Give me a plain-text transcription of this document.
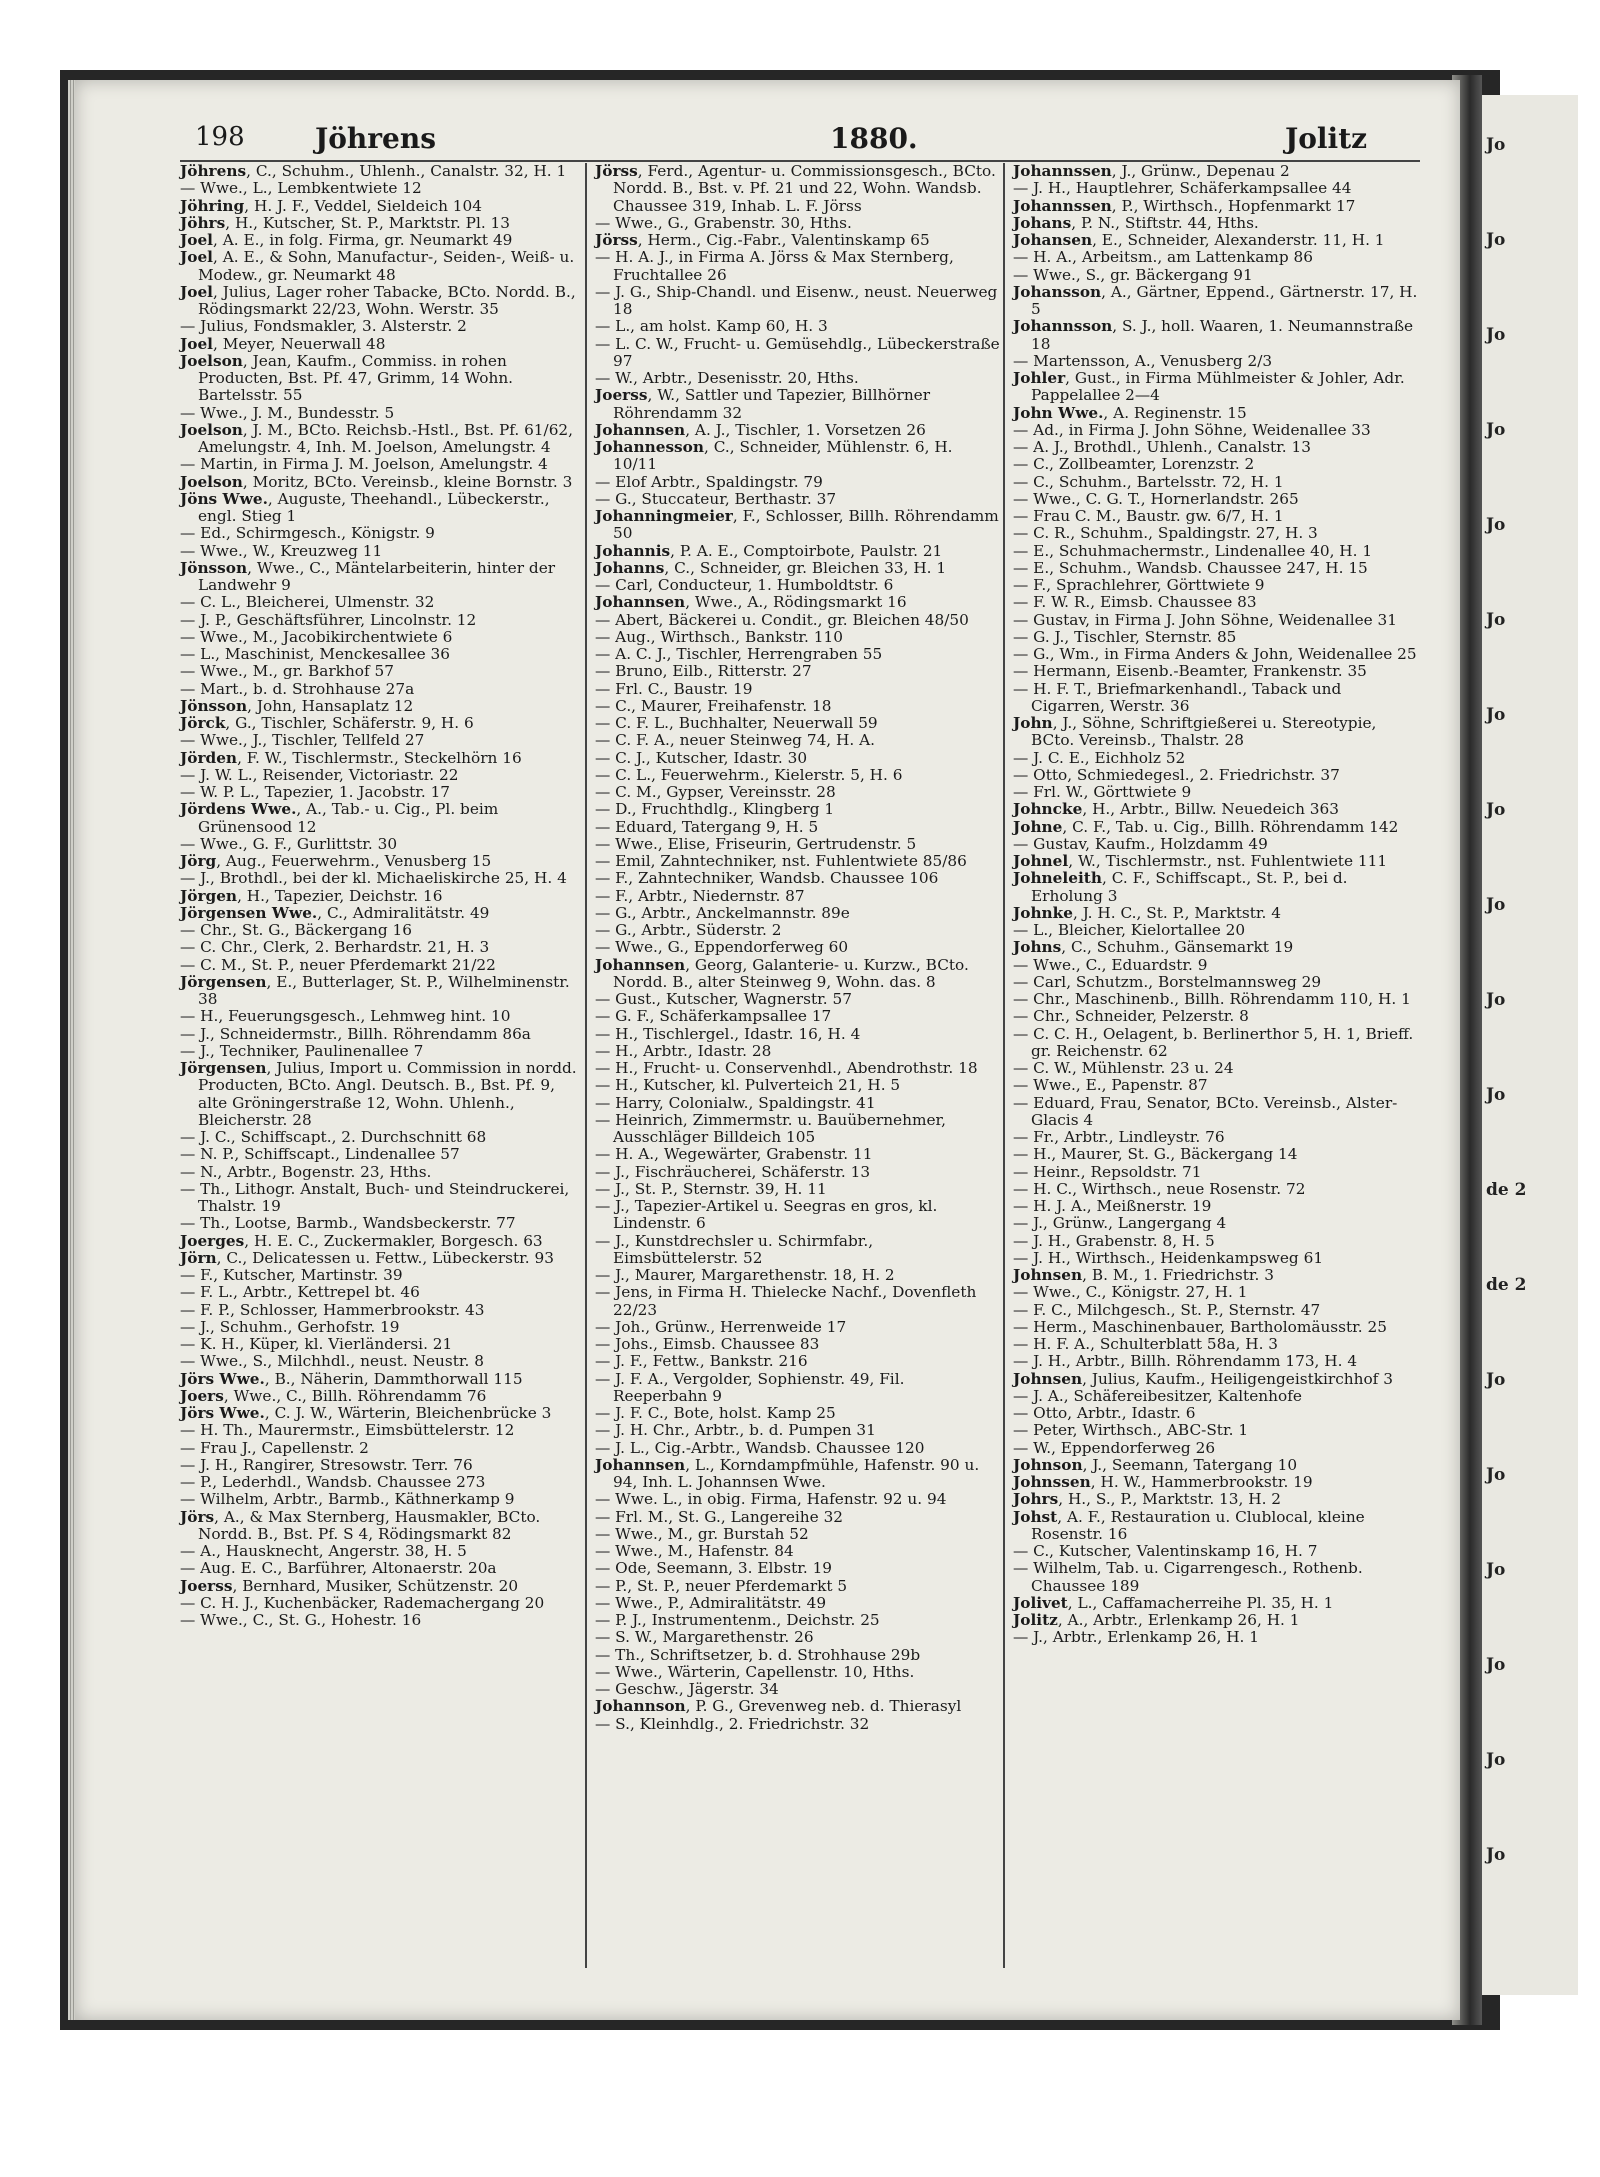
Jo
Jo
Jo
Jo
Jo
Jo
Jo
Jo
Jo
Jo
Jo
de 2
de 2
Jo
Jo
Jo
Jo
Jo
Jo
198	Jöhrens	1880.	Jolitz
Jöhrens, C., Schuhm., Uhlenh., Canalstr. 32, H. 1
— Wwe., L., Lembkentwiete 12
Jöhring, H. J. F., Veddel, Sieldeich 104
Jöhrs, H., Kutscher, St. P., Marktstr. Pl. 13
Joel, A. E., in folg. Firma, gr. Neumarkt 49
Joel, A. E., & Sohn, Manufactur-, Seiden-, Weiß- u. Modew., gr. Neumarkt 48
Joel, Julius, Lager roher Tabacke, BCto. Nordd. B., Rödingsmarkt 22/23, Wohn. Werstr. 35
— Julius, Fondsmakler, 3. Alsterstr. 2
Joel, Meyer, Neuerwall 48
Joelson, Jean, Kaufm., Commiss. in rohen Producten, Bst. Pf. 47, Grimm, 14 Wohn. Bartelsstr. 55
— Wwe., J. M., Bundesstr. 5
Joelson, J. M., BCto. Reichsb.-Hstl., Bst. Pf. 61/62, Amelungstr. 4, Inh. M. Joelson, Amelungstr. 4
— Martin, in Firma J. M. Joelson, Amelungstr. 4
Joelson, Moritz, BCto. Vereinsb., kleine Bornstr. 3
Jöns Wwe., Auguste, Theehandl., Lübeckerstr., engl. Stieg 1
— Ed., Schirmgesch., Königstr. 9
— Wwe., W., Kreuzweg 11
Jönsson, Wwe., C., Mäntelarbeiterin, hinter der Landwehr 9
— C. L., Bleicherei, Ulmenstr. 32
— J. P., Geschäftsführer, Lincolnstr. 12
— Wwe., M., Jacobikirchentwiete 6
— L., Maschinist, Menckesallee 36
— Wwe., M., gr. Barkhof 57
— Mart., b. d. Strohhause 27a
Jönsson, John, Hansaplatz 12
Jörck, G., Tischler, Schäferstr. 9, H. 6
— Wwe., J., Tischler, Tellfeld 27
Jörden, F. W., Tischlermstr., Steckelhörn 16
— J. W. L., Reisender, Victoriastr. 22
— W. P. L., Tapezier, 1. Jacobstr. 17
Jördens Wwe., A., Tab.- u. Cig., Pl. beim Grünensood 12
— Wwe., G. F., Gurlittstr. 30
Jörg, Aug., Feuerwehrm., Venusberg 15
— J., Brothdl., bei der kl. Michaeliskirche 25, H. 4
Jörgen, H., Tapezier, Deichstr. 16
Jörgensen Wwe., C., Admiralitätstr. 49
— Chr., St. G., Bäckergang 16
— C. Chr., Clerk, 2. Berhardstr. 21, H. 3
— C. M., St. P., neuer Pferdemarkt 21/22
Jörgensen, E., Butterlager, St. P., Wilhelminenstr. 38
— H., Feuerungsgesch., Lehmweg hint. 10
— J., Schneidermstr., Billh. Röhrendamm 86a
— J., Techniker, Paulinenallee 7
Jörgensen, Julius, Import u. Commission in nordd. Producten, BCto. Angl. Deutsch. B., Bst. Pf. 9, alte Gröningerstraße 12, Wohn. Uhlenh., Bleicherstr. 28
— J. C., Schiffscapt., 2. Durchschnitt 68
— N. P., Schiffscapt., Lindenallee 57
— N., Arbtr., Bogenstr. 23, Hths.
— Th., Lithogr. Anstalt, Buch- und Steindruckerei, Thalstr. 19
— Th., Lootse, Barmb., Wandsbeckerstr. 77
Joerges, H. E. C., Zuckermakler, Borgesch. 63
Jörn, C., Delicatessen u. Fettw., Lübeckerstr. 93
— F., Kutscher, Martinstr. 39
— F. L., Arbtr., Kettrepel bt. 46
— F. P., Schlosser, Hammerbrookstr. 43
— J., Schuhm., Gerhofstr. 19
— K. H., Küper, kl. Vierländersi. 21
— Wwe., S., Milchhdl., neust. Neustr. 8
Jörs Wwe., B., Näherin, Dammthorwall 115
Joers, Wwe., C., Billh. Röhrendamm 76
Jörs Wwe., C. J. W., Wärterin, Bleichenbrücke 3
— H. Th., Maurermstr., Eimsbüttelerstr. 12
— Frau J., Capellenstr. 2
— J. H., Rangirer, Stresowstr. Terr. 76
— P., Lederhdl., Wandsb. Chaussee 273
— Wilhelm, Arbtr., Barmb., Käthnerkamp 9
Jörs, A., & Max Sternberg, Hausmakler, BCto. Nordd. B., Bst. Pf. S 4, Rödingsmarkt 82
— A., Hausknecht, Angerstr. 38, H. 5
— Aug. E. C., Barführer, Altonaerstr. 20a
Joerss, Bernhard, Musiker, Schützenstr. 20
— C. H. J., Kuchenbäcker, Rademachergang 20
— Wwe., C., St. G., Hohestr. 16
Jörss, Ferd., Agentur- u. Commissionsgesch., BCto. Nordd. B., Bst. v. Pf. 21 und 22, Wohn. Wandsb. Chaussee 319, Inhab. L. F. Jörss
— Wwe., G., Grabenstr. 30, Hths.
Jörss, Herm., Cig.-Fabr., Valentinskamp 65
— H. A. J., in Firma A. Jörss & Max Sternberg, Fruchtallee 26
— J. G., Ship-Chandl. und Eisenw., neust. Neuerweg 18
— L., am holst. Kamp 60, H. 3
— L. C. W., Frucht- u. Gemüsehdlg., Lübeckerstraße 97
— W., Arbtr., Desenisstr. 20, Hths.
Joerss, W., Sattler und Tapezier, Billhörner Röhrendamm 32
Johannsen, A. J., Tischler, 1. Vorsetzen 26
Johannesson, C., Schneider, Mühlenstr. 6, H. 10/11
— Elof Arbtr., Spaldingstr. 79
— G., Stuccateur, Berthastr. 37
Johanningmeier, F., Schlosser, Billh. Röhrendamm 50
Johannis, P. A. E., Comptoirbote, Paulstr. 21
Johanns, C., Schneider, gr. Bleichen 33, H. 1
— Carl, Conducteur, 1. Humboldtstr. 6
Johannsen, Wwe., A., Rödingsmarkt 16
— Abert, Bäckerei u. Condit., gr. Bleichen 48/50
— Aug., Wirthsch., Bankstr. 110
— A. C. J., Tischler, Herrengraben 55
— Bruno, Eilb., Ritterstr. 27
— Frl. C., Baustr. 19
— C., Maurer, Freihafenstr. 18
— C. F. L., Buchhalter, Neuerwall 59
— C. F. A., neuer Steinweg 74, H. A.
— C. J., Kutscher, Idastr. 30
— C. L., Feuerwehrm., Kielerstr. 5, H. 6
— C. M., Gypser, Vereinsstr. 28
— D., Fruchthdlg., Klingberg 1
— Eduard, Tatergang 9, H. 5
— Wwe., Elise, Friseurin, Gertrudenstr. 5
— Emil, Zahntechniker, nst. Fuhlentwiete 85/86
— F., Zahntechniker, Wandsb. Chaussee 106
— F., Arbtr., Niedernstr. 87
— G., Arbtr., Anckelmannstr. 89e
— G., Arbtr., Süderstr. 2
— Wwe., G., Eppendorferweg 60
Johannsen, Georg, Galanterie- u. Kurzw., BCto. Nordd. B., alter Steinweg 9, Wohn. das. 8
— Gust., Kutscher, Wagnerstr. 57
— G. F., Schäferkampsallee 17
— H., Tischlergel., Idastr. 16, H. 4
— H., Arbtr., Idastr. 28
— H., Frucht- u. Conservenhdl., Abendrothstr. 18
— H., Kutscher, kl. Pulverteich 21, H. 5
— Harry, Colonialw., Spaldingstr. 41
— Heinrich, Zimmermstr. u. Bauübernehmer, Ausschläger Billdeich 105
— H. A., Wegewärter, Grabenstr. 11
— J., Fischräucherei, Schäferstr. 13
— J., St. P., Sternstr. 39, H. 11
— J., Tapezier-Artikel u. Seegras en gros, kl. Lindenstr. 6
— J., Kunstdrechsler u. Schirmfabr., Eimsbüttelerstr. 52
— J., Maurer, Margarethenstr. 18, H. 2
— Jens, in Firma H. Thielecke Nachf., Dovenfleth 22/23
— Joh., Grünw., Herrenweide 17
— Johs., Eimsb. Chaussee 83
— J. F., Fettw., Bankstr. 216
— J. F. A., Vergolder, Sophienstr. 49, Fil. Reeperbahn 9
— J. F. C., Bote, holst. Kamp 25
— J. H. Chr., Arbtr., b. d. Pumpen 31
— J. L., Cig.-Arbtr., Wandsb. Chaussee 120
Johannsen, L., Korndampfmühle, Hafenstr. 90 u. 94, Inh. L. Johannsen Wwe.
— Wwe. L., in obig. Firma, Hafenstr. 92 u. 94
— Frl. M., St. G., Langereihe 32
— Wwe., M., gr. Burstah 52
— Wwe., M., Hafenstr. 84
— Ode, Seemann, 3. Elbstr. 19
— P., St. P., neuer Pferdemarkt 5
— Wwe., P., Admiralitätstr. 49
— P. J., Instrumentenm., Deichstr. 25
— S. W., Margarethenstr. 26
— Th., Schriftsetzer, b. d. Strohhause 29b
— Wwe., Wärterin, Capellenstr. 10, Hths.
— Geschw., Jägerstr. 34
Johannson, P. G., Grevenweg neb. d. Thierasyl
— S., Kleinhdlg., 2. Friedrichstr. 32
Johannssen, J., Grünw., Depenau 2
— J. H., Hauptlehrer, Schäferkampsallee 44
Johannssen, P., Wirthsch., Hopfenmarkt 17
Johans, P. N., Stiftstr. 44, Hths.
Johansen, E., Schneider, Alexanderstr. 11, H. 1
— H. A., Arbeitsm., am Lattenkamp 86
— Wwe., S., gr. Bäckergang 91
Johansson, A., Gärtner, Eppend., Gärtnerstr. 17, H. 5
Johannsson, S. J., holl. Waaren, 1. Neumannstraße 18
— Martensson, A., Venusberg 2/3
Johler, Gust., in Firma Mühlmeister & Johler, Adr. Pappelallee 2—4
John Wwe., A. Reginenstr. 15
— Ad., in Firma J. John Söhne, Weidenallee 33
— A. J., Brothdl., Uhlenh., Canalstr. 13
— C., Zollbeamter, Lorenzstr. 2
— C., Schuhm., Bartelsstr. 72, H. 1
— Wwe., C. G. T., Hornerlandstr. 265
— Frau C. M., Baustr. gw. 6/7, H. 1
— C. R., Schuhm., Spaldingstr. 27, H. 3
— E., Schuhmachermstr., Lindenallee 40, H. 1
— E., Schuhm., Wandsb. Chaussee 247, H. 15
— F., Sprachlehrer, Görttwiete 9
— F. W. R., Eimsb. Chaussee 83
— Gustav, in Firma J. John Söhne, Weidenallee 31
— G. J., Tischler, Sternstr. 85
— G., Wm., in Firma Anders & John, Weidenallee 25
— Hermann, Eisenb.-Beamter, Frankenstr. 35
— H. F. T., Briefmarkenhandl., Taback und Cigarren, Werstr. 36
John, J., Söhne, Schriftgießerei u. Stereotypie, BCto. Vereinsb., Thalstr. 28
— J. C. E., Eichholz 52
— Otto, Schmiedegesl., 2. Friedrichstr. 37
— Frl. W., Görttwiete 9
Johncke, H., Arbtr., Billw. Neuedeich 363
Johne, C. F., Tab. u. Cig., Billh. Röhrendamm 142
— Gustav, Kaufm., Holzdamm 49
Johnel, W., Tischlermstr., nst. Fuhlentwiete 111
Johneleith, C. F., Schiffscapt., St. P., bei d. Erholung 3
Johnke, J. H. C., St. P., Marktstr. 4
— L., Bleicher, Kielortallee 20
Johns, C., Schuhm., Gänsemarkt 19
— Wwe., C., Eduardstr. 9
— Carl, Schutzm., Borstelmannsweg 29
— Chr., Maschinenb., Billh. Röhrendamm 110, H. 1
— Chr., Schneider, Pelzerstr. 8
— C. C. H., Oelagent, b. Berlinerthor 5, H. 1, Brieff. gr. Reichenstr. 62
— C. W., Mühlenstr. 23 u. 24
— Wwe., E., Papenstr. 87
— Eduard, Frau, Senator, BCto. Vereinsb., Alster-Glacis 4
— Fr., Arbtr., Lindleystr. 76
— H., Maurer, St. G., Bäckergang 14
— Heinr., Repsoldstr. 71
— H. C., Wirthsch., neue Rosenstr. 72
— H. J. A., Meißnerstr. 19
— J., Grünw., Langergang 4
— J. H., Grabenstr. 8, H. 5
— J. H., Wirthsch., Heidenkampsweg 61
Johnsen, B. M., 1. Friedrichstr. 3
— Wwe., C., Königstr. 27, H. 1
— F. C., Milchgesch., St. P., Sternstr. 47
— Herm., Maschinenbauer, Bartholomäusstr. 25
— H. F. A., Schulterblatt 58a, H. 3
— J. H., Arbtr., Billh. Röhrendamm 173, H. 4
Johnsen, Julius, Kaufm., Heiligengeistkirchhof 3
— J. A., Schäfereibesitzer, Kaltenhofe
— Otto, Arbtr., Idastr. 6
— Peter, Wirthsch., ABC-Str. 1
— W., Eppendorferweg 26
Johnson, J., Seemann, Tatergang 10
Johnssen, H. W., Hammerbrookstr. 19
Johrs, H., S., P., Marktstr. 13, H. 2
Johst, A. F., Restauration u. Clublocal, kleine Rosenstr. 16
— C., Kutscher, Valentinskamp 16, H. 7
— Wilhelm, Tab. u. Cigarrengesch., Rothenb. Chaussee 189
Jolivet, L., Caffamacherreihe Pl. 35, H. 1
Jolitz, A., Arbtr., Erlenkamp 26, H. 1
— J., Arbtr., Erlenkamp 26, H. 1
